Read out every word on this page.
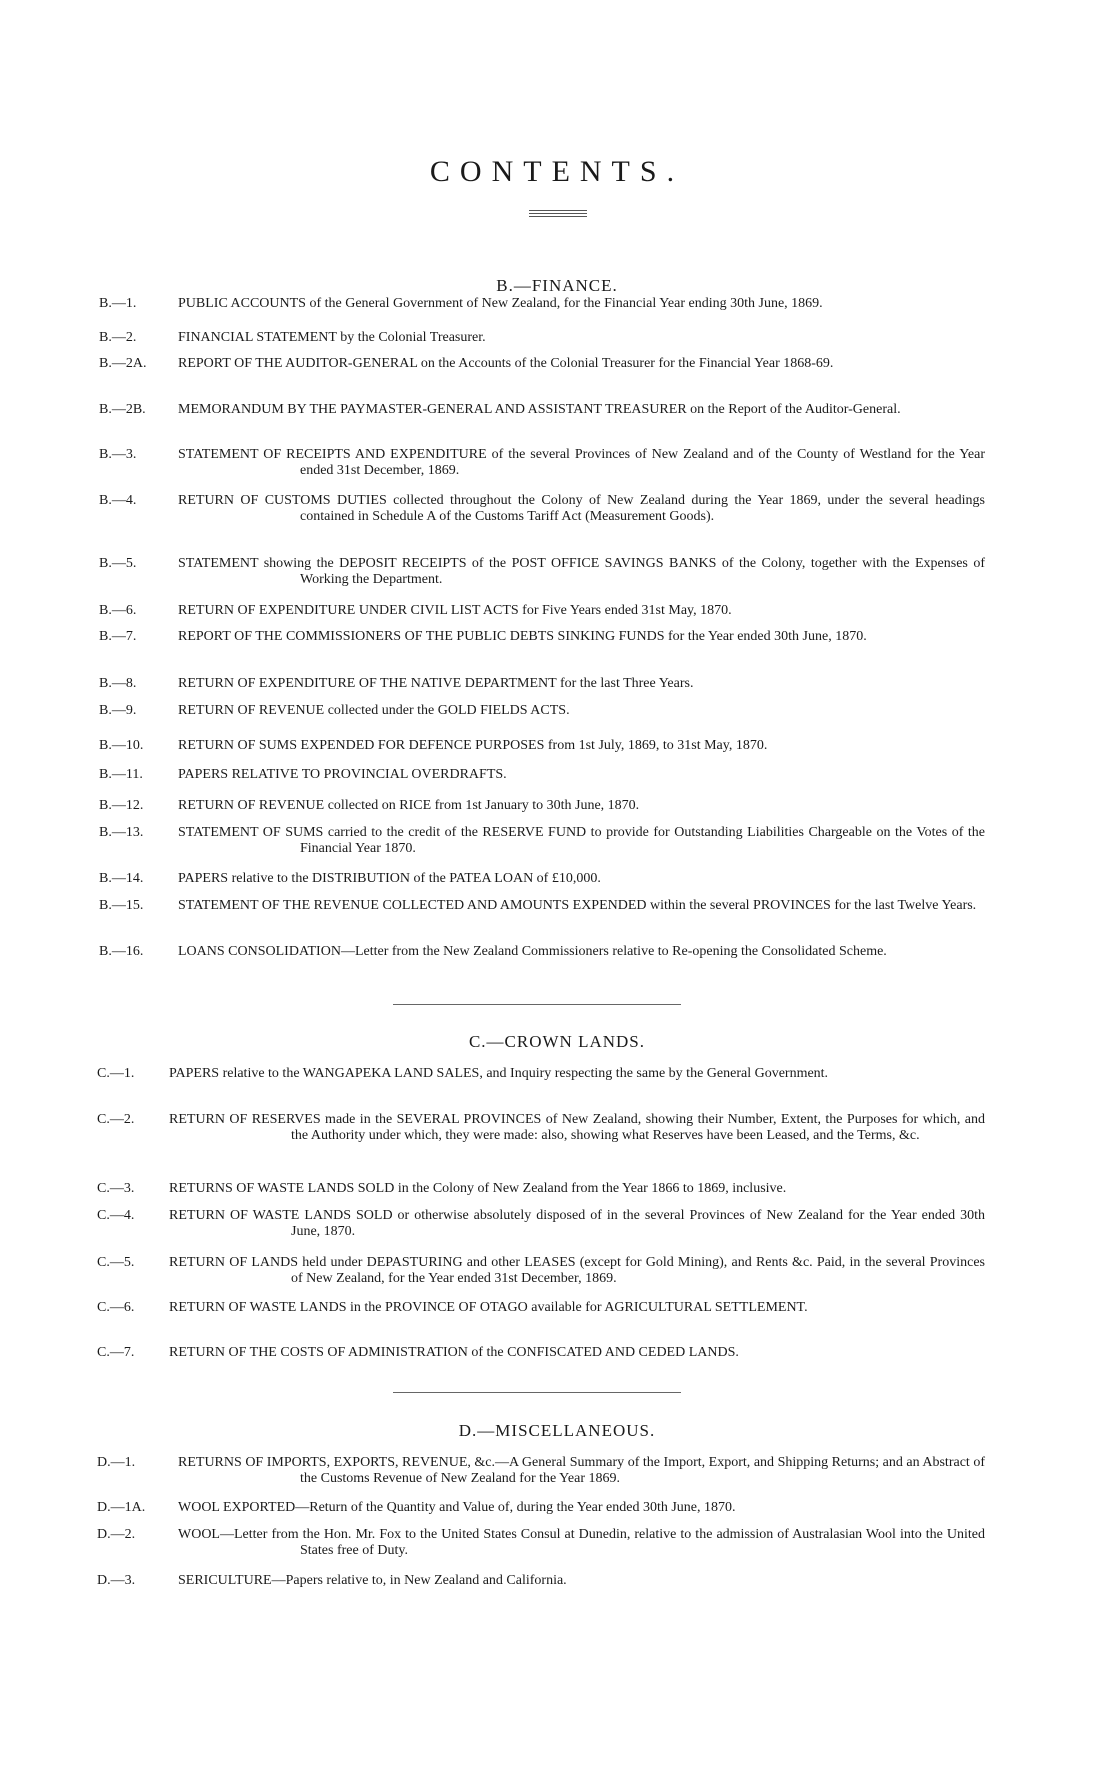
CONTENTS.
B.—FINANCE.
B.—1.	PUBLIC ACCOUNTS of the General Government of New Zealand, for the Financial Year ending 30th June, 1869.
B.—2.	FINANCIAL STATEMENT by the Colonial Treasurer.
B.—2A. REPORT OF THE AUDITOR-GENERAL on the Accounts of the Colonial Treasurer for the Financial Year 1868-69.
B.—2B. MEMORANDUM BY THE PAYMASTER-GENERAL AND ASSISTANT TREASURER on the Report of the Auditor-General.
B.—3.	STATEMENT OF RECEIPTS AND EXPENDITURE of the several Provinces of New Zealand and of the County of Westland for the Year ended 31st December, 1869.
B.—4.	RETURN OF CUSTOMS DUTIES collected throughout the Colony of New Zealand during the Year 1869, under the several headings contained in Schedule A of the Customs Tariff Act (Measurement Goods).
B.—5.	STATEMENT showing the DEPOSIT RECEIPTS of the POST OFFICE SAVINGS BANKS of the Colony, together with the Expenses of Working the Department.
B.—6.	RETURN OF EXPENDITURE UNDER CIVIL LIST ACTS for Five Years ended 31st May, 1870.
B.—7.	REPORT OF THE COMMISSIONERS OF THE PUBLIC DEBTS SINKING FUNDS for the Year ended 30th June, 1870.
B.—8.	RETURN OF EXPENDITURE OF THE NATIVE DEPARTMENT for the last Three Years.
B.—9.	RETURN OF REVENUE collected under the GOLD FIELDS ACTS.
B.—10. RETURN OF SUMS EXPENDED FOR DEFENCE PURPOSES from 1st July, 1869, to 31st May, 1870.
B.—11.	PAPERS RELATIVE TO PROVINCIAL OVERDRAFTS.
B.—12. RETURN OF REVENUE collected on RICE from 1st January to 30th June, 1870.
B.—13. STATEMENT OF SUMS carried to the credit of the RESERVE FUND to provide for Outstanding Liabilities Chargeable on the Votes of the Financial Year 1870.
B.—14. PAPERS relative to the DISTRIBUTION of the PATEA LOAN of £10,000.
B.—15. STATEMENT OF THE REVENUE COLLECTED AND AMOUNTS EXPENDED within the several PROVINCES for the last Twelve Years.
B.—16. LOANS CONSOLIDATION—Letter from the New Zealand Commissioners relative to Re-opening the Consolidated Scheme.
C.—CROWN LANDS.
C.—1. PAPERS relative to the WANGAPEKA LAND SALES, and Inquiry respecting the same by the General Government.
C.—2. RETURN OF RESERVES made in the SEVERAL PROVINCES of New Zealand, showing their Number, Extent, the Purposes for which, and the Authority under which, they were made: also, showing what Reserves have been Leased, and the Terms, &c.
C.—3. RETURNS OF WASTE LANDS SOLD in the Colony of New Zealand from the Year 1866 to 1869, inclusive.
C.—4. RETURN OF WASTE LANDS SOLD or otherwise absolutely disposed of in the several Provinces of New Zealand for the Year ended 30th June, 1870.
C.—5. RETURN OF LANDS held under DEPASTURING and other LEASES (except for Gold Mining), and Rents &c. Paid, in the several Provinces of New Zealand, for the Year ended 31st December, 1869.
C.—6. RETURN OF WASTE LANDS in the PROVINCE OF OTAGO available for AGRICULTURAL SETTLEMENT.
C.—7. RETURN OF THE COSTS OF ADMINISTRATION of the CONFISCATED AND CEDED LANDS.
D.—MISCELLANEOUS.
D.—1.	RETURNS OF IMPORTS, EXPORTS, REVENUE, &c.—A General Summary of the Import, Export, and Shipping Returns; and an Abstract of the Customs Revenue of New Zealand for the Year 1869.
D.—1A. WOOL EXPORTED—Return of the Quantity and Value of, during the Year ended 30th June, 1870.
D.—2.	WOOL—Letter from the Hon. Mr. Fox to the United States Consul at Dunedin, relative to the admission of Australasian Wool into the United States free of Duty.
D.—3.	SERICULTURE—Papers relative to, in New Zealand and California.
